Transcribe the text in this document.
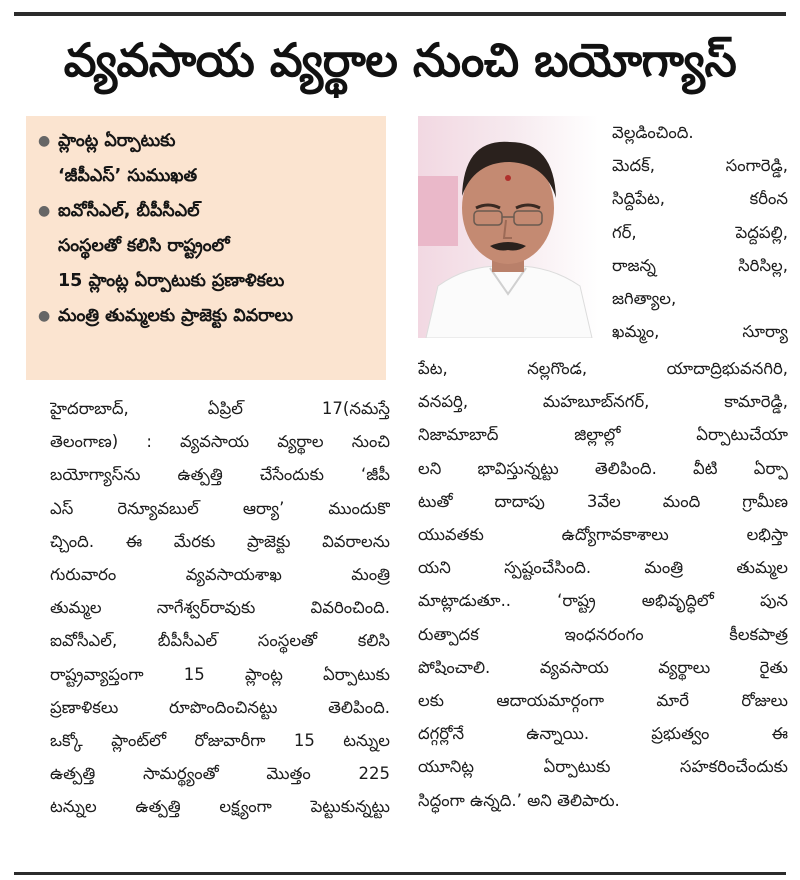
వ్యవసాయ వ్యర్థాల నుంచి బయోగ్యాస్
● ప్లాంట్ల ఏర్పాటుకు
‘జీపీఎస్’ సుముఖత
● ఐవోసీఎల్, బీపీసీఎల్
సంస్థలతో కలిసి రాష్ట్రంలో
15 ప్లాంట్ల ఏర్పాటుకు ప్రణాళికలు
● మంత్రి తుమ్మలకు ప్రాజెక్టు వివరాలు
వెల్లడించింది.
మెదక్, సంగారెడ్డి,
సిద్దిపేట, కరీంన
గర్, పెద్దపల్లి,
రాజన్న సిరిసిల్ల,
జగిత్యాల,
ఖమ్మం, సూర్యా
హైదరాబాద్, ఏప్రిల్ 17(నమస్తే
తెలంగాణ) : వ్యవసాయ వ్యర్థాల నుంచి
బయోగ్యాస్‌ను ఉత్పత్తి చేసేందుకు ‘జీపీ
ఎస్ రెన్యూవబుల్ ఆర్యా’ ముందుకొ
చ్చింది. ఈ మేరకు ప్రాజెక్టు వివరాలను
గురువారం వ్యవసాయశాఖ మంత్రి
తుమ్మల నాగేశ్వర్‌రావుకు వివరించింది.
ఐవోసీఎల్, బీపీసీఎల్ సంస్థలతో కలిసి
రాష్ట్రవ్యాప్తంగా 15 ప్లాంట్ల ఏర్పాటుకు
ప్రణాళికలు రూపొందించినట్టు తెలిపింది.
ఒక్కో ప్లాంట్‌లో రోజువారీగా 15 టన్నుల
ఉత్పత్తి సామర్థ్యంతో మొత్తం 225
టన్నుల ఉత్పత్తి లక్ష్యంగా పెట్టుకున్నట్టు
పేట, నల్లగొండ, యాదాద్రిభువనగిరి,
వనపర్తి, మహబూబ్‌నగర్, కామారెడ్డి,
నిజామాబాద్ జిల్లాల్లో ఏర్పాటుచేయా
లని భావిస్తున్నట్టు తెలిపింది. వీటి ఏర్పా
టుతో దాదాపు 3వేల మంది గ్రామీణ
యువతకు ఉద్యోగావకాశాలు లభిస్తా
యని స్పష్టంచేసింది. మంత్రి తుమ్మల
మాట్లాడుతూ.. ‘రాష్ట్ర అభివృద్ధిలో పున
రుత్పాదక ఇంధనరంగం కీలకపాత్ర
పోషించాలి. వ్యవసాయ వ్యర్థాలు రైతు
లకు ఆదాయమార్గంగా మారే రోజులు
దగ్గర్లోనే ఉన్నాయి. ప్రభుత్వం ఈ
యూనిట్ల ఏర్పాటుకు సహకరించేందుకు
సిద్ధంగా ఉన్నది.’ అని తెలిపారు.
